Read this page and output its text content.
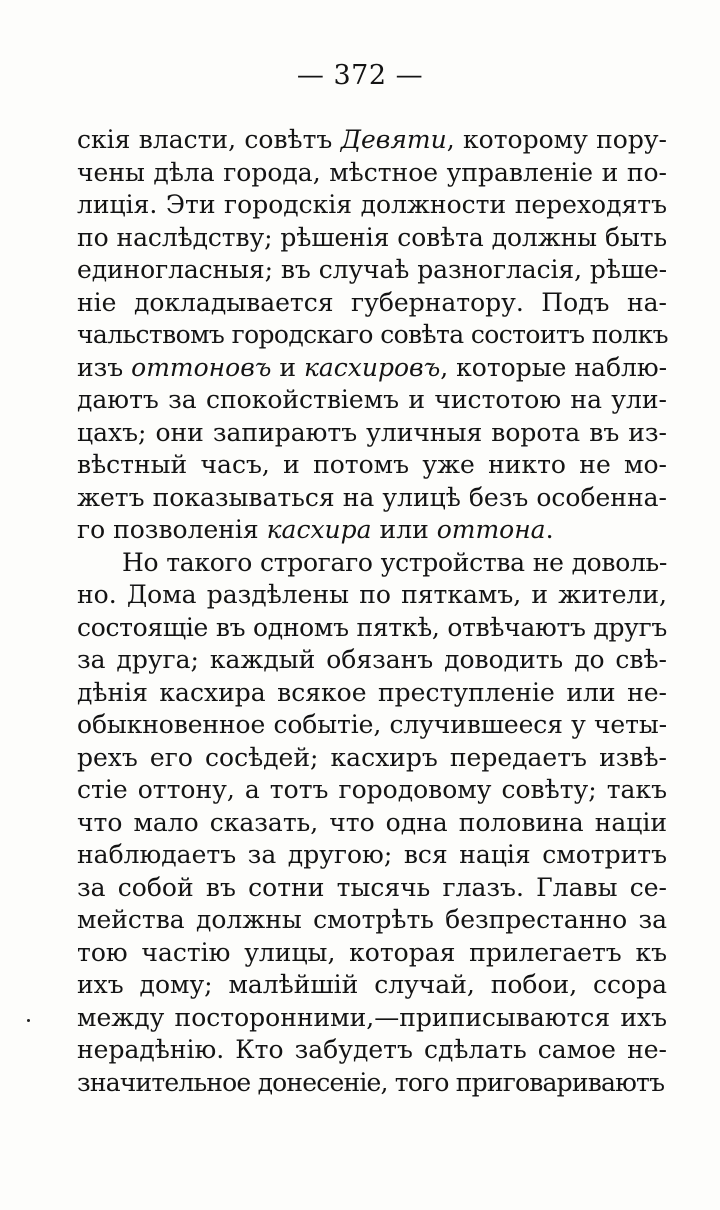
— 372 —
скія власти, совѣтъ Девяти, которому пору-
чены дѣла города, мѣстное управленіе и по-
лиція. Эти городскія должности переходятъ
по наслѣдству; рѣшенія совѣта должны быть
единогласныя; въ случаѣ разногласія, рѣше-
ніе докладывается губернатору. Подъ на-
чальствомъ городскаго совѣта состоитъ полкъ
изъ оттоновъ и касхировъ, которые наблю-
даютъ за спокойствіемъ и чистотою на ули-
цахъ; они запираютъ уличныя ворота въ из-
вѣстный часъ, и потомъ уже никто не мо-
жетъ показываться на улицѣ безъ особенна-
го позволенія касхира или оттона.
Но такого строгаго устройства не доволь-
но. Дома раздѣлены по пяткамъ, и жители,
состоящіе въ одномъ пяткѣ, отвѣчаютъ другъ
за друга; каждый обязанъ доводить до свѣ-
дѣнія касхира всякое преступленіе или не-
обыкновенное событіе, случившееся у четы-
рехъ его сосѣдей; касхиръ передаетъ извѣ-
стіе оттону, а тотъ городовому совѣту; такъ
что мало сказать, что одна половина націи
наблюдаетъ за другою; вся нація смотритъ
за собой въ сотни тысячь глазъ. Главы се-
мейства должны смотрѣть безпрестанно за
тою частію улицы, которая прилегаетъ къ
ихъ дому; малѣйшій случай, побои, ссора
между посторонними,—приписываются ихъ
нерадѣнію. Кто забудетъ сдѣлать самое не-
значительное донесеніе, того приговариваютъ
